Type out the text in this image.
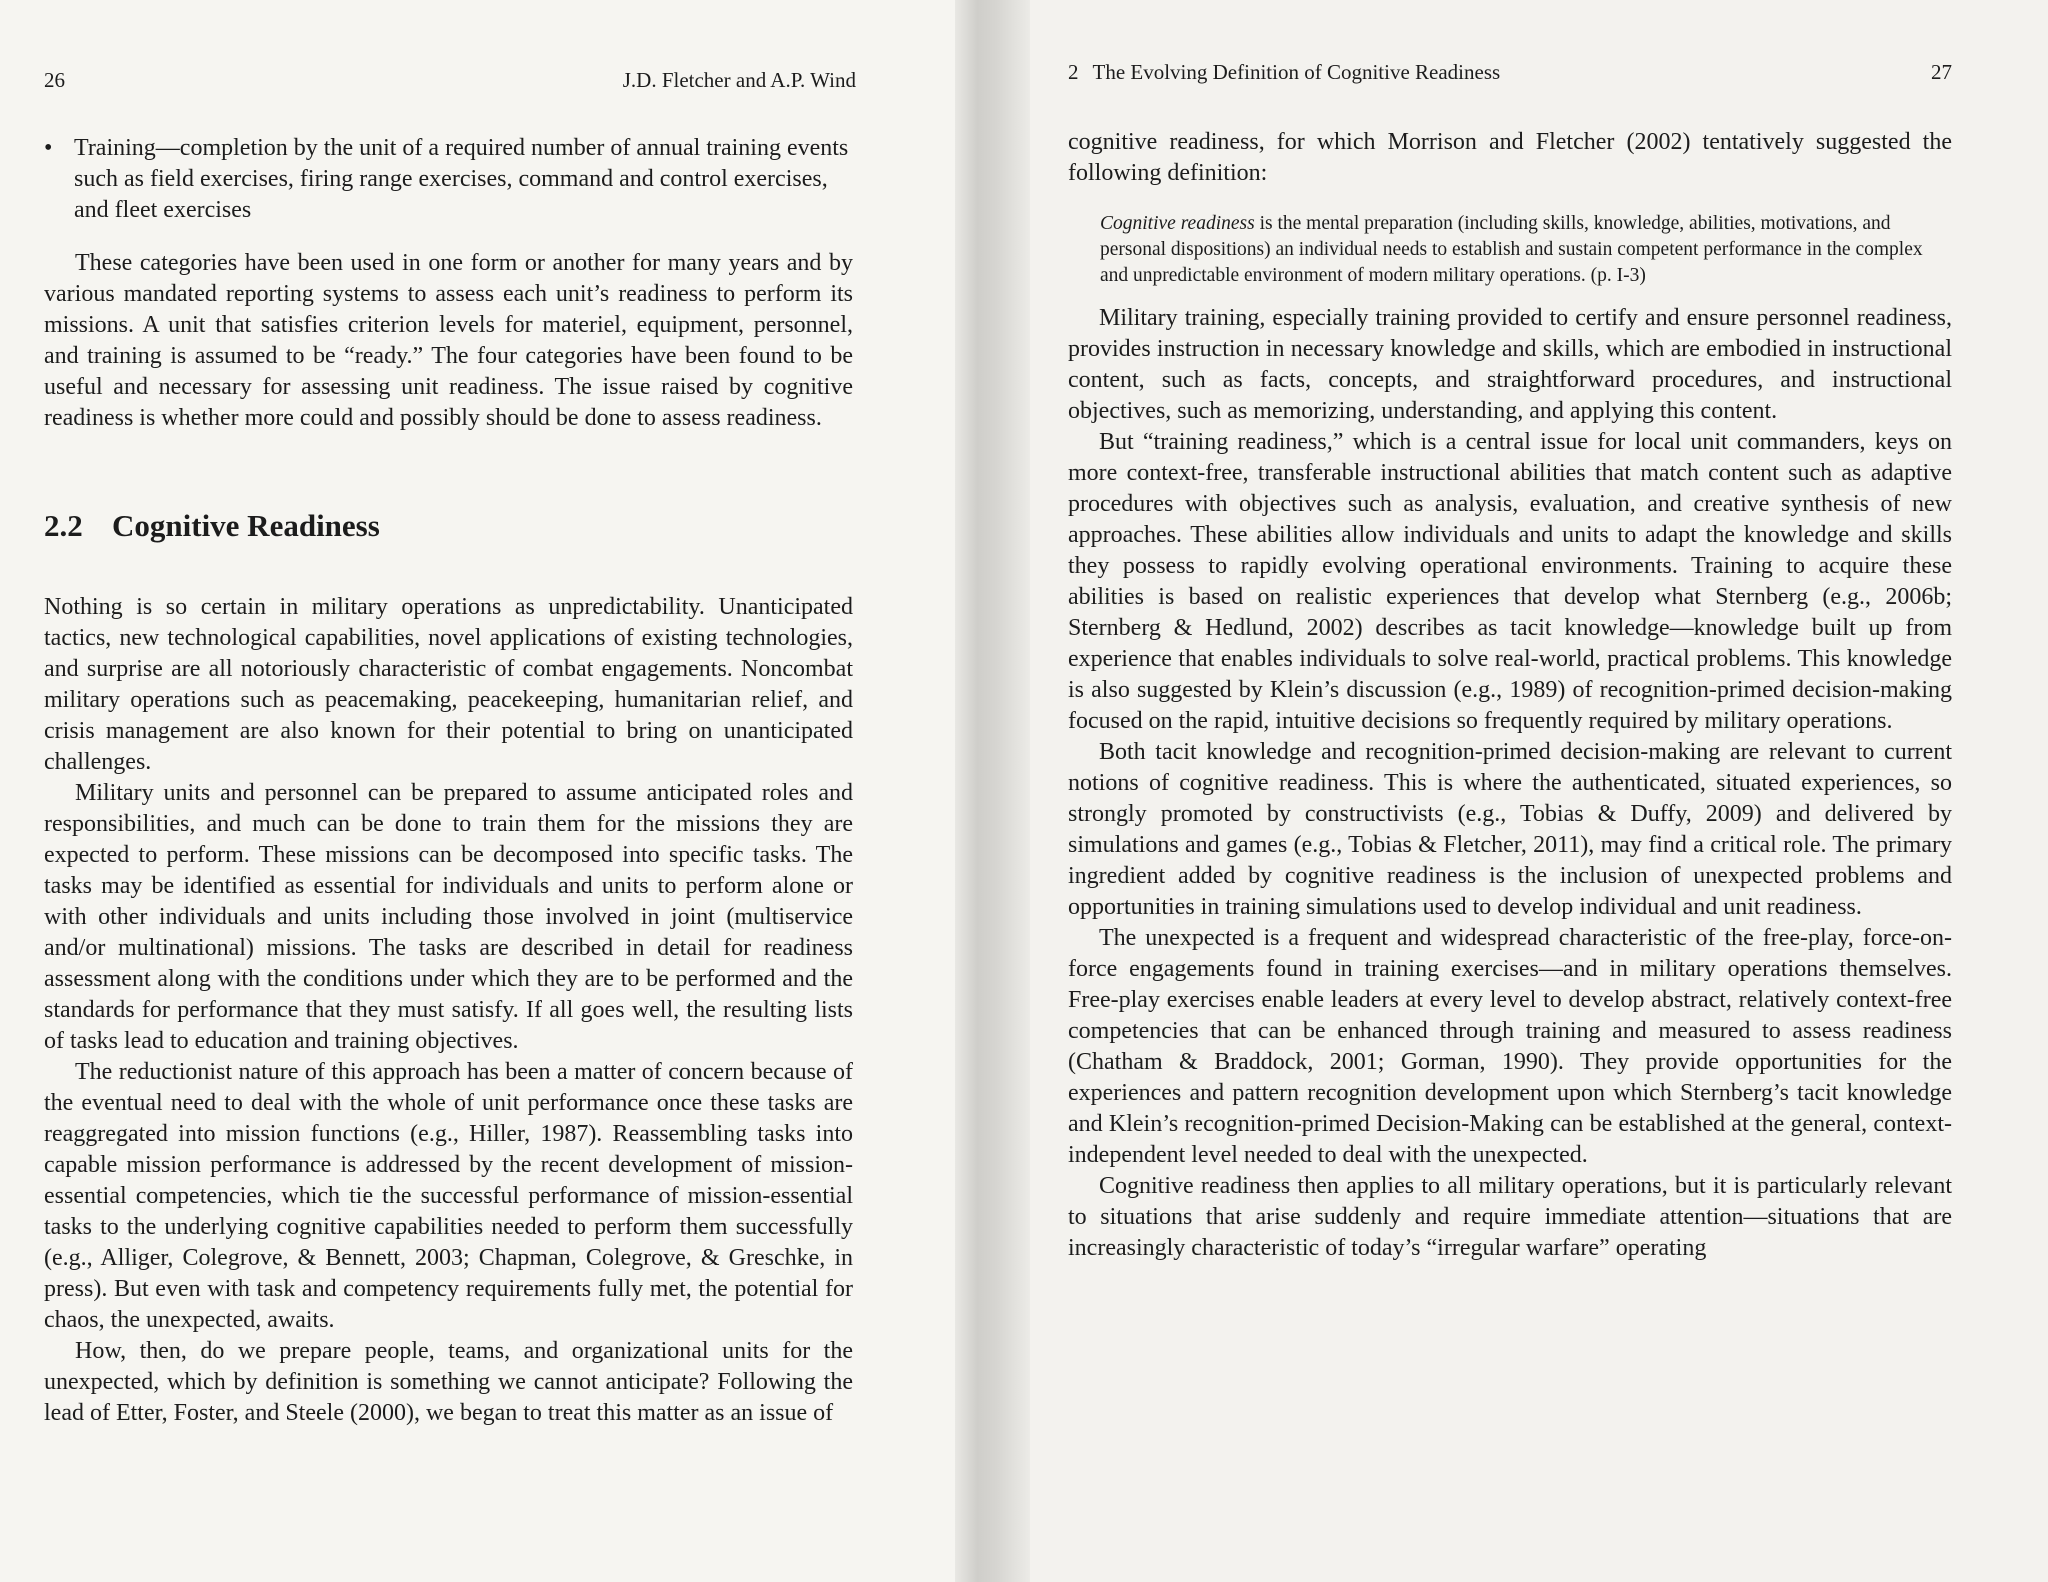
26	J.D. Fletcher and A.P. Wind
• Training—completion by the unit of a required number of annual training events such as field exercises, firing range exercises, command and control exercises, and fleet exercises

These categories have been used in one form or another for many years and by various mandated reporting systems to assess each unit’s readiness to perform its missions. A unit that satisfies criterion levels for materiel, equipment, personnel, and training is assumed to be “ready.” The four categories have been found to be useful and necessary for assessing unit readiness. The issue raised by cognitive readiness is whether more could and possibly should be done to assess readiness.

2.2 Cognitive Readiness

Nothing is so certain in military operations as unpredictability. Unanticipated tactics, new technological capabilities, novel applications of existing technologies, and surprise are all notoriously characteristic of combat engagements. Noncombat military operations such as peacemaking, peacekeeping, humanitarian relief, and crisis management are also known for their potential to bring on unanticipated challenges.

Military units and personnel can be prepared to assume anticipated roles and responsibilities, and much can be done to train them for the missions they are expected to perform. These missions can be decomposed into specific tasks. The tasks may be identified as essential for individuals and units to perform alone or with other individuals and units including those involved in joint (multiservice and/or multinational) missions. The tasks are described in detail for readiness assessment along with the conditions under which they are to be performed and the standards for performance that they must satisfy. If all goes well, the resulting lists of tasks lead to education and training objectives.

The reductionist nature of this approach has been a matter of concern because of the eventual need to deal with the whole of unit performance once these tasks are reaggregated into mission functions (e.g., Hiller, 1987). Reassembling tasks into capable mission performance is addressed by the recent development of mission-essential competencies, which tie the successful performance of mission-essential tasks to the underlying cognitive capabilities needed to perform them successfully (e.g., Alliger, Colegrove, & Bennett, 2003; Chapman, Colegrove, & Greschke, in press). But even with task and competency requirements fully met, the potential for chaos, the unexpected, awaits.

How, then, do we prepare people, teams, and organizational units for the unexpected, which by definition is something we cannot anticipate? Following the lead of Etter, Foster, and Steele (2000), we began to treat this matter as an issue of

2 The Evolving Definition of Cognitive Readiness	27

cognitive readiness, for which Morrison and Fletcher (2002) tentatively suggested the following definition:

Cognitive readiness is the mental preparation (including skills, knowledge, abilities, motivations, and personal dispositions) an individual needs to establish and sustain competent performance in the complex and unpredictable environment of modern military operations. (p. I-3)

Military training, especially training provided to certify and ensure personnel readiness, provides instruction in necessary knowledge and skills, which are embodied in instructional content, such as facts, concepts, and straightforward procedures, and instructional objectives, such as memorizing, understanding, and applying this content.

But “training readiness,” which is a central issue for local unit commanders, keys on more context-free, transferable instructional abilities that match content such as adaptive procedures with objectives such as analysis, evaluation, and creative synthesis of new approaches. These abilities allow individuals and units to adapt the knowledge and skills they possess to rapidly evolving operational environments. Training to acquire these abilities is based on realistic experiences that develop what Sternberg (e.g., 2006b; Sternberg & Hedlund, 2002) describes as tacit knowledge—knowledge built up from experience that enables individuals to solve real-world, practical problems. This knowledge is also suggested by Klein’s discussion (e.g., 1989) of recognition-primed decision-making focused on the rapid, intuitive decisions so frequently required by military operations.

Both tacit knowledge and recognition-primed decision-making are relevant to current notions of cognitive readiness. This is where the authenticated, situated experiences, so strongly promoted by constructivists (e.g., Tobias & Duffy, 2009) and delivered by simulations and games (e.g., Tobias & Fletcher, 2011), may find a critical role. The primary ingredient added by cognitive readiness is the inclusion of unexpected problems and opportunities in training simulations used to develop individual and unit readiness.

The unexpected is a frequent and widespread characteristic of the free-play, force-on-force engagements found in training exercises—and in military operations themselves. Free-play exercises enable leaders at every level to develop abstract, relatively context-free competencies that can be enhanced through training and measured to assess readiness (Chatham & Braddock, 2001; Gorman, 1990). They provide opportunities for the experiences and pattern recognition development upon which Sternberg’s tacit knowledge and Klein’s recognition-primed Decision-Making can be established at the general, context-independent level needed to deal with the unexpected.

Cognitive readiness then applies to all military operations, but it is particularly relevant to situations that arise suddenly and require immediate attention—situations that are increasingly characteristic of today’s “irregular warfare” operating
